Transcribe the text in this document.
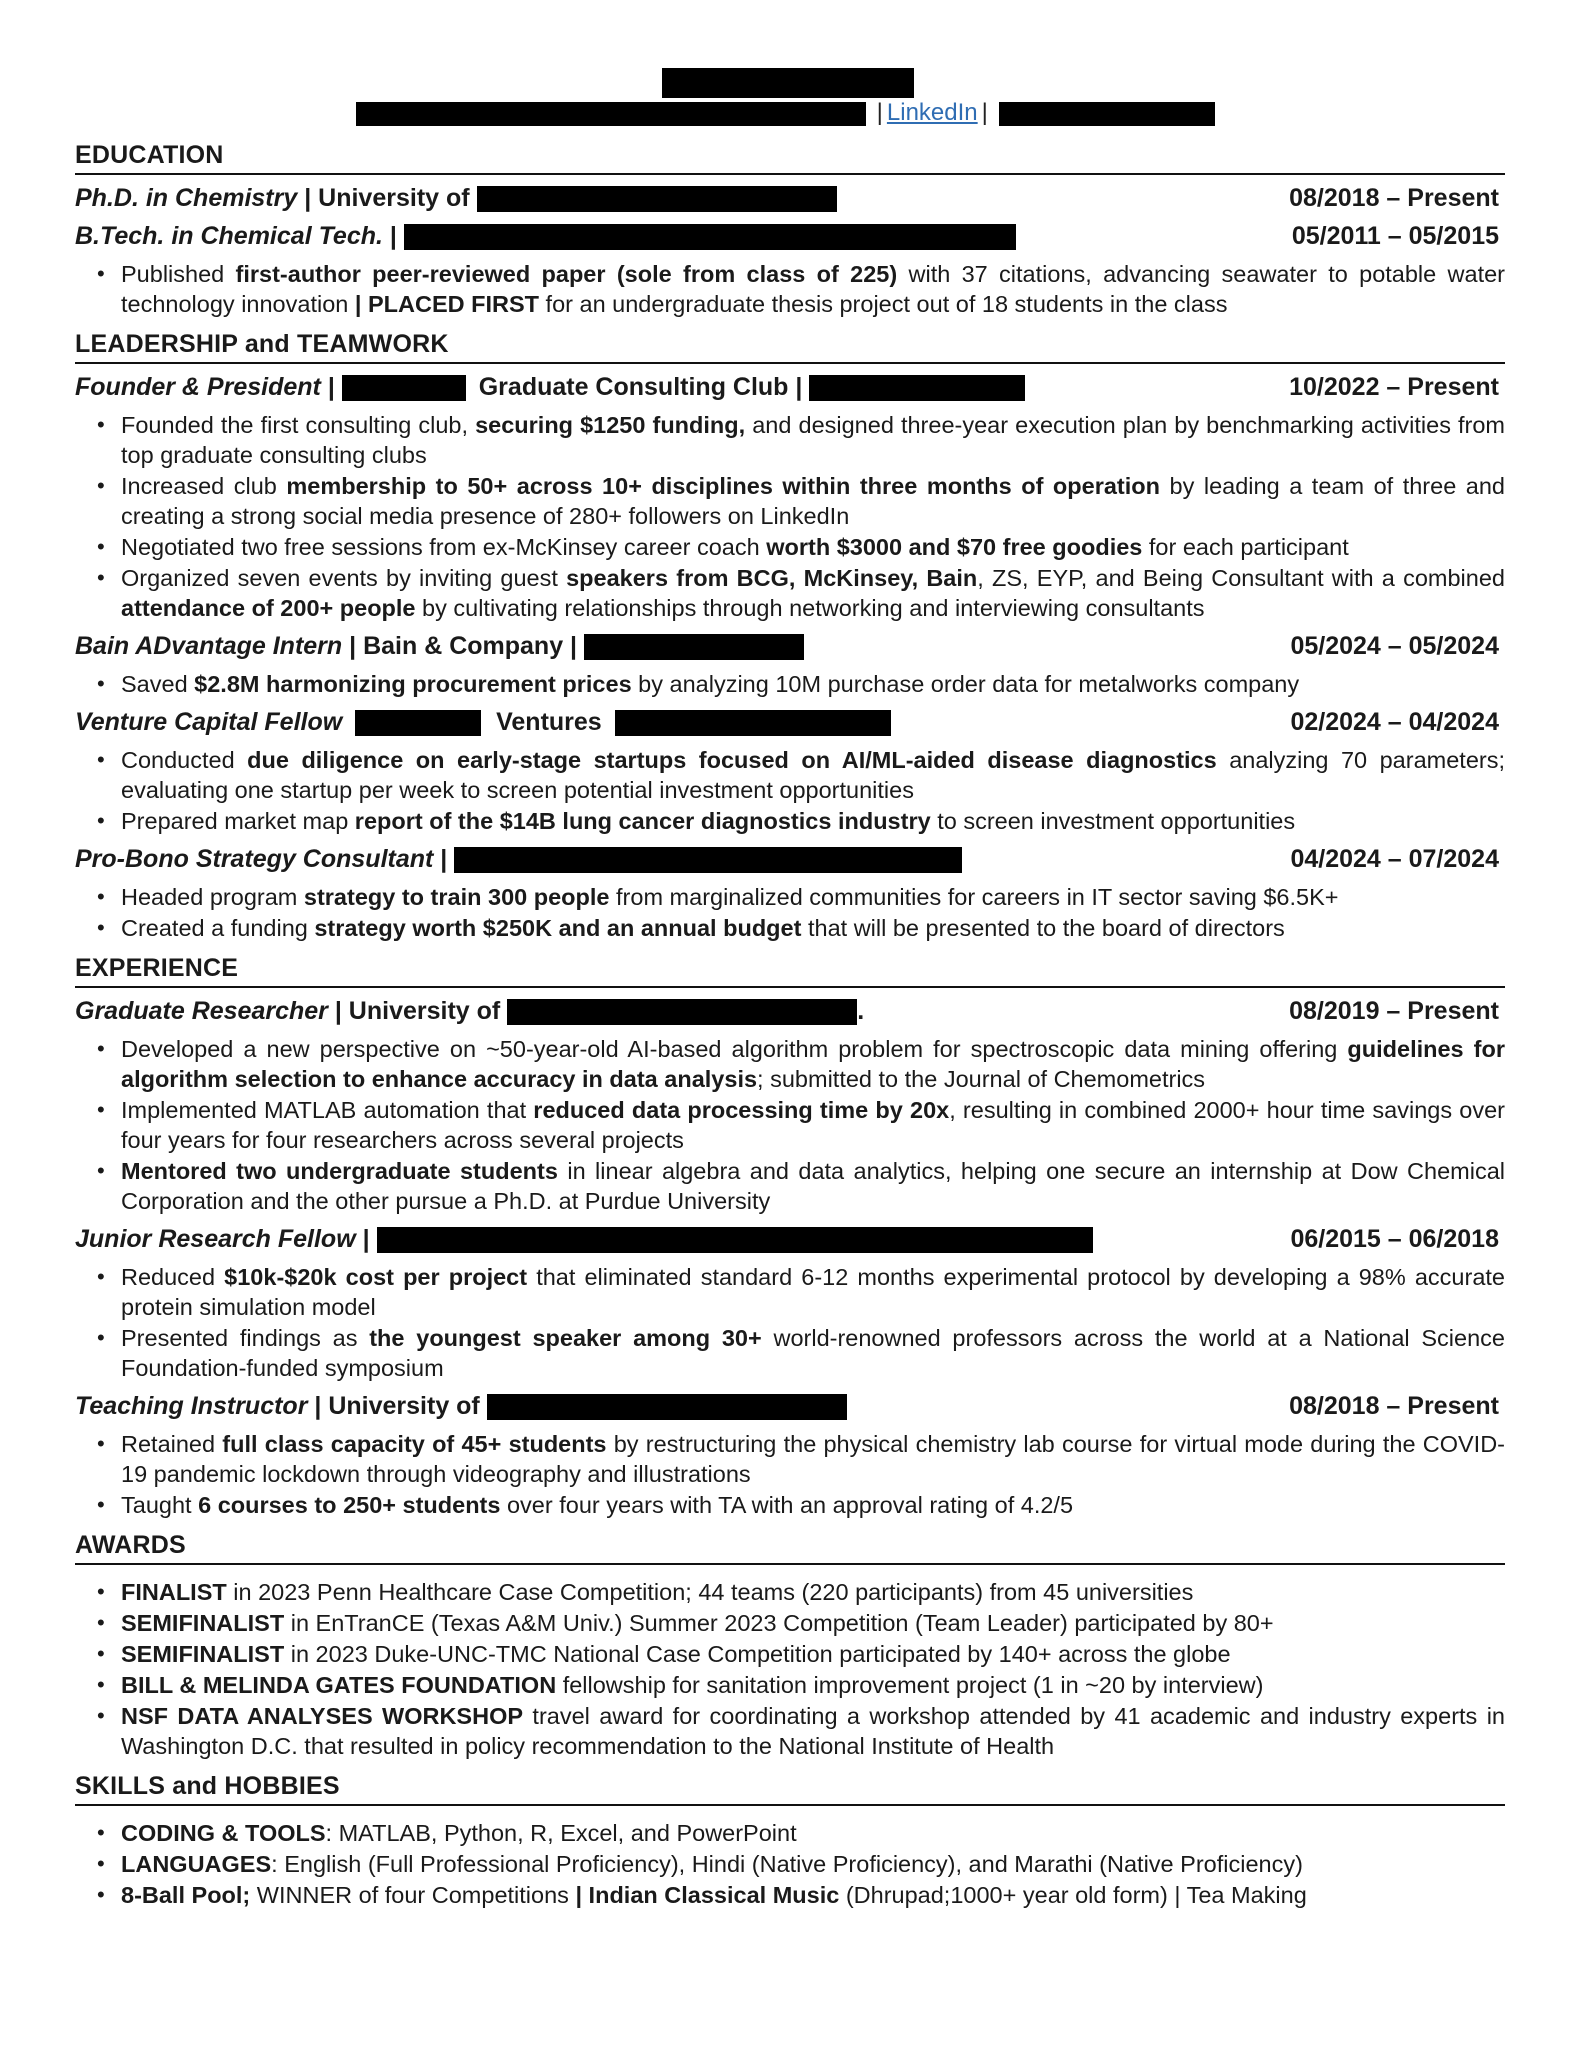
| LinkedIn |
EDUCATION
Ph.D. in Chemistry | University of	08/2018 – Present
B.Tech. in Chemical Tech. |	05/2011 – 05/2015
• Published first-author peer-reviewed paper (sole from class of 225) with 37 citations, advancing seawater to potable water technology innovation | PLACED FIRST for an undergraduate thesis project out of 18 students in the class
LEADERSHIP and TEAMWORK
Founder & President |	Graduate Consulting Club |	10/2022 – Present
• Founded the first consulting club, securing $1250 funding, and designed three-year execution plan by benchmarking activities from top graduate consulting clubs
• Increased club membership to 50+ across 10+ disciplines within three months of operation by leading a team of three and creating a strong social media presence of 280+ followers on LinkedIn
• Negotiated two free sessions from ex-McKinsey career coach worth $3000 and $70 free goodies for each participant
• Organized seven events by inviting guest speakers from BCG, McKinsey, Bain, ZS, EYP, and Being Consultant with a combined attendance of 200+ people by cultivating relationships through networking and interviewing consultants
Bain ADvantage Intern | Bain & Company |	05/2024 – 05/2024
• Saved $2.8M harmonizing procurement prices by analyzing 10M purchase order data for metalworks company
Venture Capital Fellow	Ventures	02/2024 – 04/2024
• Conducted due diligence on early-stage startups focused on AI/ML-aided disease diagnostics analyzing 70 parameters; evaluating one startup per week to screen potential investment opportunities
• Prepared market map report of the $14B lung cancer diagnostics industry to screen investment opportunities
Pro-Bono Strategy Consultant |	04/2024 – 07/2024
• Headed program strategy to train 300 people from marginalized communities for careers in IT sector saving $6.5K+
• Created a funding strategy worth $250K and an annual budget that will be presented to the board of directors
EXPERIENCE
Graduate Researcher | University of	.	08/2019 – Present
• Developed a new perspective on ~50-year-old AI-based algorithm problem for spectroscopic data mining offering guidelines for algorithm selection to enhance accuracy in data analysis; submitted to the Journal of Chemometrics
• Implemented MATLAB automation that reduced data processing time by 20x, resulting in combined 2000+ hour time savings over four years for four researchers across several projects
• Mentored two undergraduate students in linear algebra and data analytics, helping one secure an internship at Dow Chemical Corporation and the other pursue a Ph.D. at Purdue University
Junior Research Fellow |	06/2015 – 06/2018
• Reduced $10k-$20k cost per project that eliminated standard 6-12 months experimental protocol by developing a 98% accurate protein simulation model
• Presented findings as the youngest speaker among 30+ world-renowned professors across the world at a National Science Foundation-funded symposium
Teaching Instructor | University of	08/2018 – Present
• Retained full class capacity of 45+ students by restructuring the physical chemistry lab course for virtual mode during the COVID-19 pandemic lockdown through videography and illustrations
• Taught 6 courses to 250+ students over four years with TA with an approval rating of 4.2/5
AWARDS
• FINALIST in 2023 Penn Healthcare Case Competition; 44 teams (220 participants) from 45 universities
• SEMIFINALIST in EnTranCE (Texas A&M Univ.) Summer 2023 Competition (Team Leader) participated by 80+
• SEMIFINALIST in 2023 Duke-UNC-TMC National Case Competition participated by 140+ across the globe
• BILL & MELINDA GATES FOUNDATION fellowship for sanitation improvement project (1 in ~20 by interview)
• NSF DATA ANALYSES WORKSHOP travel award for coordinating a workshop attended by 41 academic and industry experts in Washington D.C. that resulted in policy recommendation to the National Institute of Health
SKILLS and HOBBIES
• CODING & TOOLS: MATLAB, Python, R, Excel, and PowerPoint
• LANGUAGES: English (Full Professional Proficiency), Hindi (Native Proficiency), and Marathi (Native Proficiency)
• 8-Ball Pool; WINNER of four Competitions | Indian Classical Music (Dhrupad;1000+ year old form) | Tea Making
